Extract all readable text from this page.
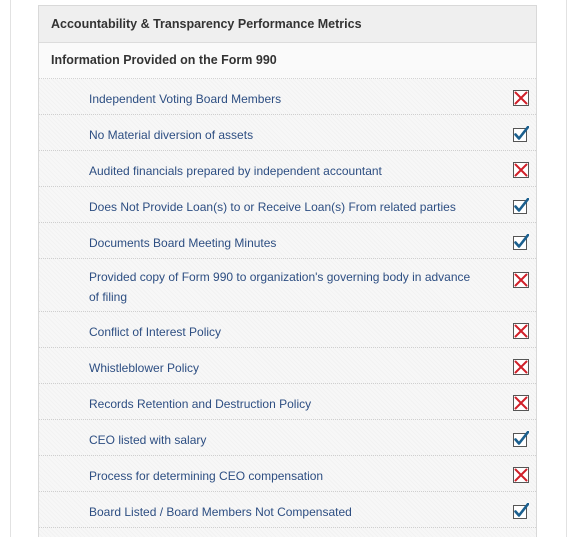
Accountability & Transparency Performance Metrics
Information Provided on the Form 990
Independent Voting Board Members
No Material diversion of assets
Audited financials prepared by independent accountant
Does Not Provide Loan(s) to or Receive Loan(s) From related parties
Documents Board Meeting Minutes
Provided copy of Form 990 to organization's governing body in advance of filing
Conflict of Interest Policy
Whistleblower Policy
Records Retention and Destruction Policy
CEO listed with salary
Process for determining CEO compensation
Board Listed / Board Members Not Compensated
